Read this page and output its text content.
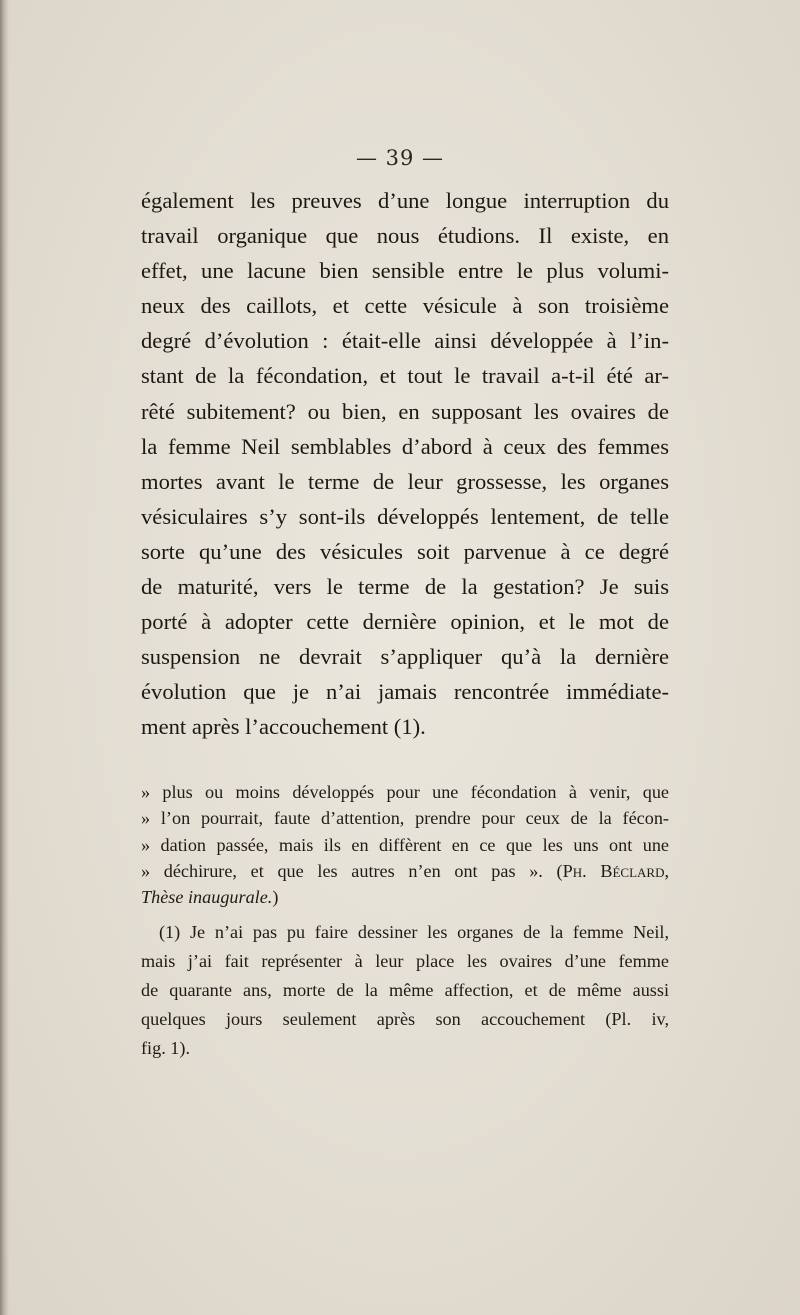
— 39 —
également les preuves d’une longue interruption du
travail organique que nous étudions. Il existe, en
effet, une lacune bien sensible entre le plus volumi-
neux des caillots, et cette vésicule à son troisième
degré d’évolution : était-elle ainsi développée à l’in-
stant de la fécondation, et tout le travail a-t-il été ar-
rêté subitement? ou bien, en supposant les ovaires de
la femme Neil semblables d’abord à ceux des femmes
mortes avant le terme de leur grossesse, les organes
vésiculaires s’y sont-ils développés lentement, de telle
sorte qu’une des vésicules soit parvenue à ce degré
de maturité, vers le terme de la gestation? Je suis
porté à adopter cette dernière opinion, et le mot de
suspension ne devrait s’appliquer qu’à la dernière
évolution que je n’ai jamais rencontrée immédiate-
ment après l’accouchement (1).
» plus ou moins développés pour une fécondation à venir, que
» l’on pourrait, faute d’attention, prendre pour ceux de la fécon-
» dation passée, mais ils en diffèrent en ce que les uns ont une
» déchirure, et que les autres n’en ont pas ». (Ph. Béclard,
Thèse inaugurale.)
(1) Je n’ai pas pu faire dessiner les organes de la femme Neil,
mais j’ai fait représenter à leur place les ovaires d’une femme
de quarante ans, morte de la même affection, et de même aussi
quelques jours seulement après son accouchement (Pl. iv,
fig. 1).
